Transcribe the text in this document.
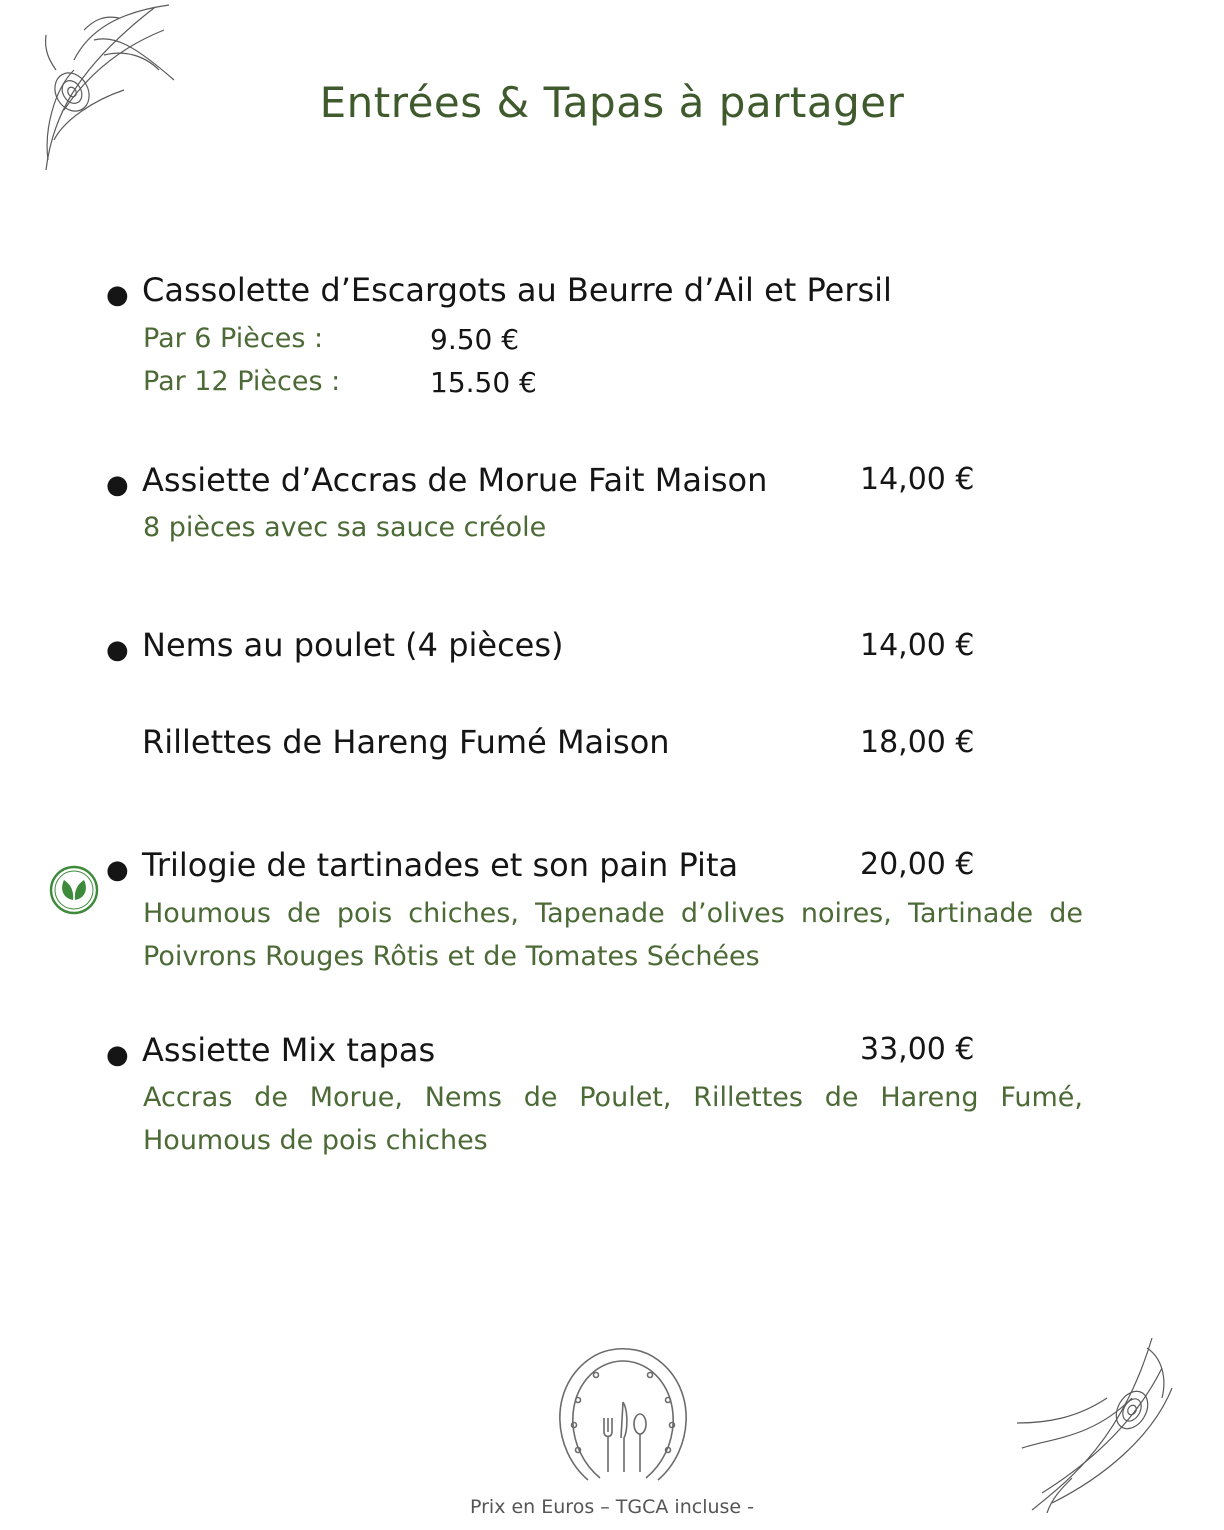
Entrées & Tapas à partager
● Cassolette d’Escargots au Beurre d’Ail et Persil
Par 6 Pièces :	9.50 €
Par 12 Pièces :	15.50 €
● Assiette d’Accras de Morue Fait Maison	14,00 €
8 pièces avec sa sauce créole
● Nems au poulet (4 pièces)	14,00 €
Rillettes de Hareng Fumé Maison	18,00 €
● Trilogie de tartinades et son pain Pita	20,00 €
Houmous de pois chiches, Tapenade d’olives noires, Tartinade de Poivrons Rouges Rôtis et de Tomates Séchées
● Assiette Mix tapas	33,00 €
Accras de Morue, Nems de Poulet, Rillettes de Hareng Fumé, Houmous de pois chiches
Prix en Euros – TGCA incluse -
